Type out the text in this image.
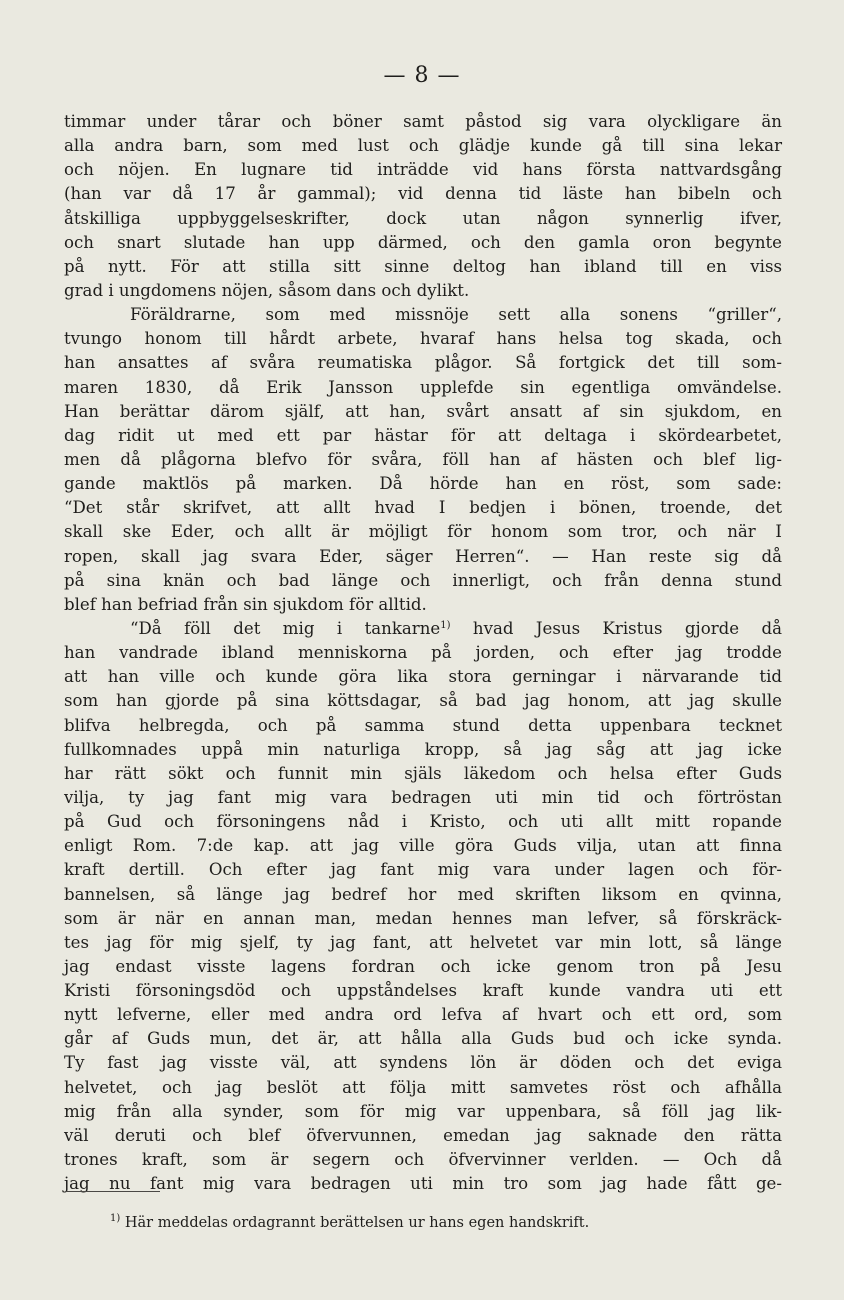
— 8 —
timmar under tårar och böner samt påstod sig vara olyckligare än
alla andra barn, som med lust och glädje kunde gå till sina lekar
och nöjen. En lugnare tid inträdde vid hans första nattvardsgång
(han var då 17 år gammal); vid denna tid läste han bibeln och
åtskilliga uppbyggelseskrifter, dock utan någon synnerlig ifver,
och snart slutade han upp därmed, och den gamla oron begynte
på nytt. För att stilla sitt sinne deltog han ibland till en viss
grad i ungdomens nöjen, såsom dans och dylikt.
Föräldrarne, som med missnöje sett alla sonens “griller“,
tvungo honom till hårdt arbete, hvaraf hans helsa tog skada, och
han ansattes af svåra reumatiska plågor. Så fortgick det till som-
maren 1830, då Erik Jansson upplefde sin egentliga omvändelse.
Han berättar därom själf, att han, svårt ansatt af sin sjukdom, en
dag ridit ut med ett par hästar för att deltaga i skördearbetet,
men då plågorna blefvo för svåra, föll han af hästen och blef lig-
gande maktlös på marken. Då hörde han en röst, som sade:
“Det står skrifvet, att allt hvad I bedjen i bönen, troende, det
skall ske Eder, och allt är möjligt för honom som tror, och när I
ropen, skall jag svara Eder, säger Herren“. — Han reste sig då
på sina knän och bad länge och innerligt, och från denna stund
blef han befriad från sin sjukdom för alltid.
“Då föll det mig i tankarne$^{1)}$ hvad Jesus Kristus gjorde då
han vandrade ibland menniskorna på jorden, och efter jag trodde
att han ville och kunde göra lika stora gerningar i närvarande tid
som han gjorde på sina köttsdagar, så bad jag honom, att jag skulle
blifva helbregda, och på samma stund detta uppenbara tecknet
fullkomnades uppå min naturliga kropp, så jag såg att jag icke
har rätt sökt och funnit min själs läkedom och helsa efter Guds
vilja, ty jag fant mig vara bedragen uti min tid och förtröstan
på Gud och försoningens nåd i Kristo, och uti allt mitt ropande
enligt Rom. 7:de kap. att jag ville göra Guds vilja, utan att finna
kraft dertill. Och efter jag fant mig vara under lagen och för-
bannelsen, så länge jag bedref hor med skriften liksom en qvinna,
som är när en annan man, medan hennes man lefver, så förskräck-
tes jag för mig sjelf, ty jag fant, att helvetet var min lott, så länge
jag endast visste lagens fordran och icke genom tron på Jesu
Kristi försoningsdöd och uppståndelses kraft kunde vandra uti ett
nytt lefverne, eller med andra ord lefva af hvart och ett ord, som
går af Guds mun, det är, att hålla alla Guds bud och icke synda.
Ty fast jag visste väl, att syndens lön är döden och det eviga
helvetet, och jag beslöt att följa mitt samvetes röst och afhålla
mig från alla synder, som för mig var uppenbara, så föll jag lik-
väl deruti och blef öfvervunnen, emedan jag saknade den rätta
trones kraft, som är segern och öfvervinner verlden. — Och då
jag nu fant mig vara bedragen uti min tro som jag hade fått ge-
$^{1)}$ Här meddelas ordagrannt berättelsen ur hans egen handskrift.
